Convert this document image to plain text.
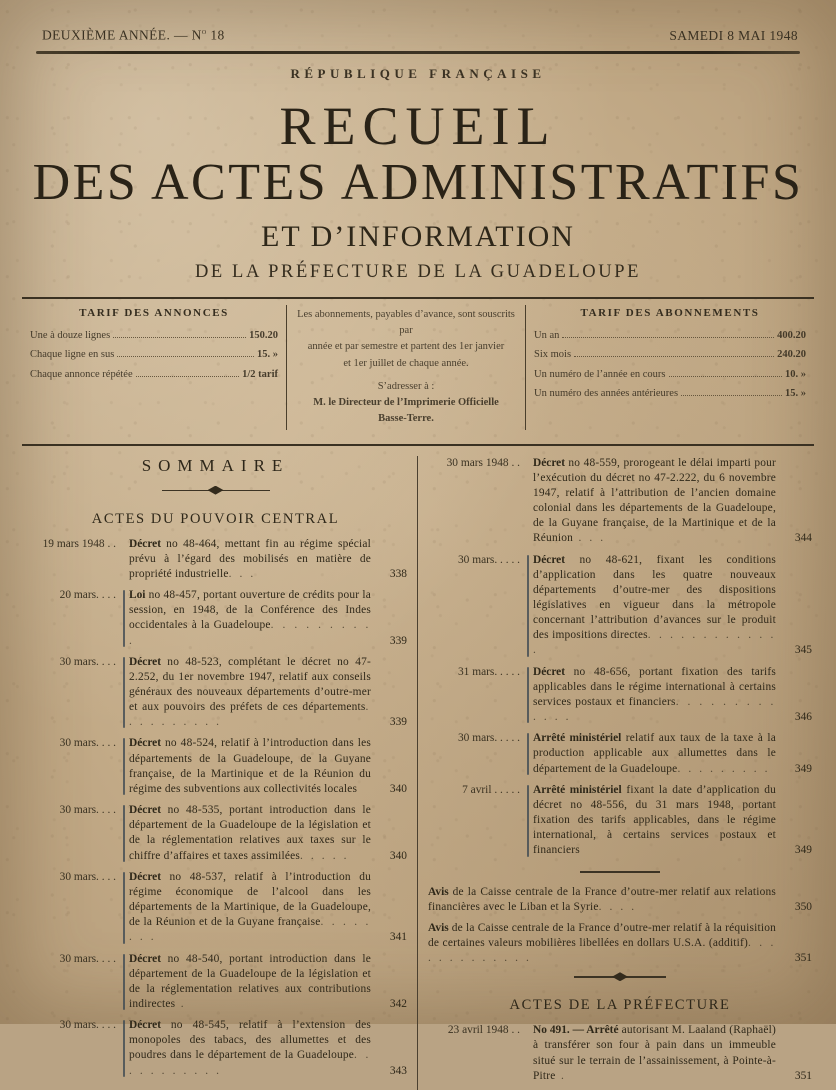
DEUXIÈME ANNÉE. — $N^o$ 18	SAMEDI 8 MAI 1948
RÉPUBLIQUE FRANÇAISE
RECUEIL
DES ACTES ADMINISTRATIFS
ET D’INFORMATION
DE LA PRÉFECTURE DE LA GUADELOUPE
TARIF DES ANNONCES
Une à douze lignes	150.20
Chaque ligne en sus	15. »
Chaque annonce répétée	1/2 tarif
Les abonnements, payables d’avance, sont souscrits par
année et par semestre et partent des 1er janvier
et 1er juillet de chaque année.
S’adresser à :
M. le Directeur de l’Imprimerie Officielle
Basse-Terre.
TARIF DES ABONNEMENTS
Un an	400.20
Six mois	240.20
Un numéro de l’année en cours	10. »
Un numéro des années antérieures	15. »
SOMMAIRE
ACTES DU POUVOIR CENTRAL
19 mars 1948 . .	Décret no 48-464, mettant fin au régime spécial prévu à l’égard des mobilisés en matière de propriété industrielle. . .	338
20 mars. . . .	Loi no 48-457, portant ouverture de crédits pour la session, en 1948, de la Conférence des Indes occidentales à la Guadeloupe. . . . . . . . . .	339
30 mars. . . .	Décret no 48-523, complétant le décret no 47-2.252, du 1er novembre 1947, relatif aux conseils généraux des nouveaux départements d’outre-mer et aux pouvoirs des préfets de ces départements. . . . . . . . . .	339
30 mars. . . .	Décret no 48-524, relatif à l’introduction dans les départements de la Guadeloupe, de la Guyane française, de la Martinique et de la Réunion du régime des subventions aux collectivités locales	340
30 mars. . . .	Décret no 48-535, portant introduction dans le département de la Guadeloupe de la législation et de la réglementation relatives aux taxes sur le chiffre d’affaires et taxes assimilées. . . . .	340
30 mars. . . .	Décret no 48-537, relatif à l’introduction du régime économique de l’alcool dans les départements de la Martinique, de la Guadeloupe, de la Réunion et de la Guyane française. . . . . . . .	341
30 mars. . . .	Décret no 48-540, portant introduction dans le département de la Guadeloupe de la législation et de la réglementation relatives aux contributions indirectes .	342
30 mars. . . .	Décret no 48-545, relatif à l’extension des monopoles des tabacs, des allumettes et des poudres dans le département de la Guadeloupe. . . . . . . . . . .	343
30 mars 1948 . .	Décret no 48-559, prorogeant le délai imparti pour l’exécution du décret no 47-2.222, du 6 novembre 1947, relatif à l’attribution de l’ancien domaine colonial dans les départements de la Guadeloupe, de la Guyane française, de la Martinique et de la Réunion . . .	344
30 mars. . . . .	Décret no 48-621, fixant les conditions d’application dans les quatre nouveaux départements d’outre-mer des dispositions législatives en vigueur dans la métropole concernant l’attribution d’avances sur le produit des impositions directes. . . . . . . . . . . . .	345
31 mars. . . . .	Décret no 48-656, portant fixation des tarifs applicables dans le régime international à certains services postaux et financiers. . . . . . . . . . . . .	346
30 mars. . . . .	Arrêté ministériel relatif aux taux de la taxe à la production applicable aux allumettes dans le département de la Guadeloupe. . . . . . . . .	349
7 avril . . . . .	Arrêté ministériel fixant la date d’application du décret no 48-556, du 31 mars 1948, portant fixation des tarifs applicables, dans le régime international, à certains services postaux et financiers	349
Avis de la Caisse centrale de la France d’outre-mer relatif aux relations financières avec le Liban et la Syrie. . . .	350
Avis de la Caisse centrale de la France d’outre-mer relatif à la réquisition de certaines valeurs mobilières libellées en dollars U.S.A. (additif). . . . . . . . . . . . .	351
ACTES DE LA PRÉFECTURE
23 avril 1948 . .	No 491. — Arrêté autorisant M. Laaland (Raphaël) à transférer son four à pain dans un immeuble situé sur le terrain de l’assainissement, à Pointe-à-Pitre .	351
